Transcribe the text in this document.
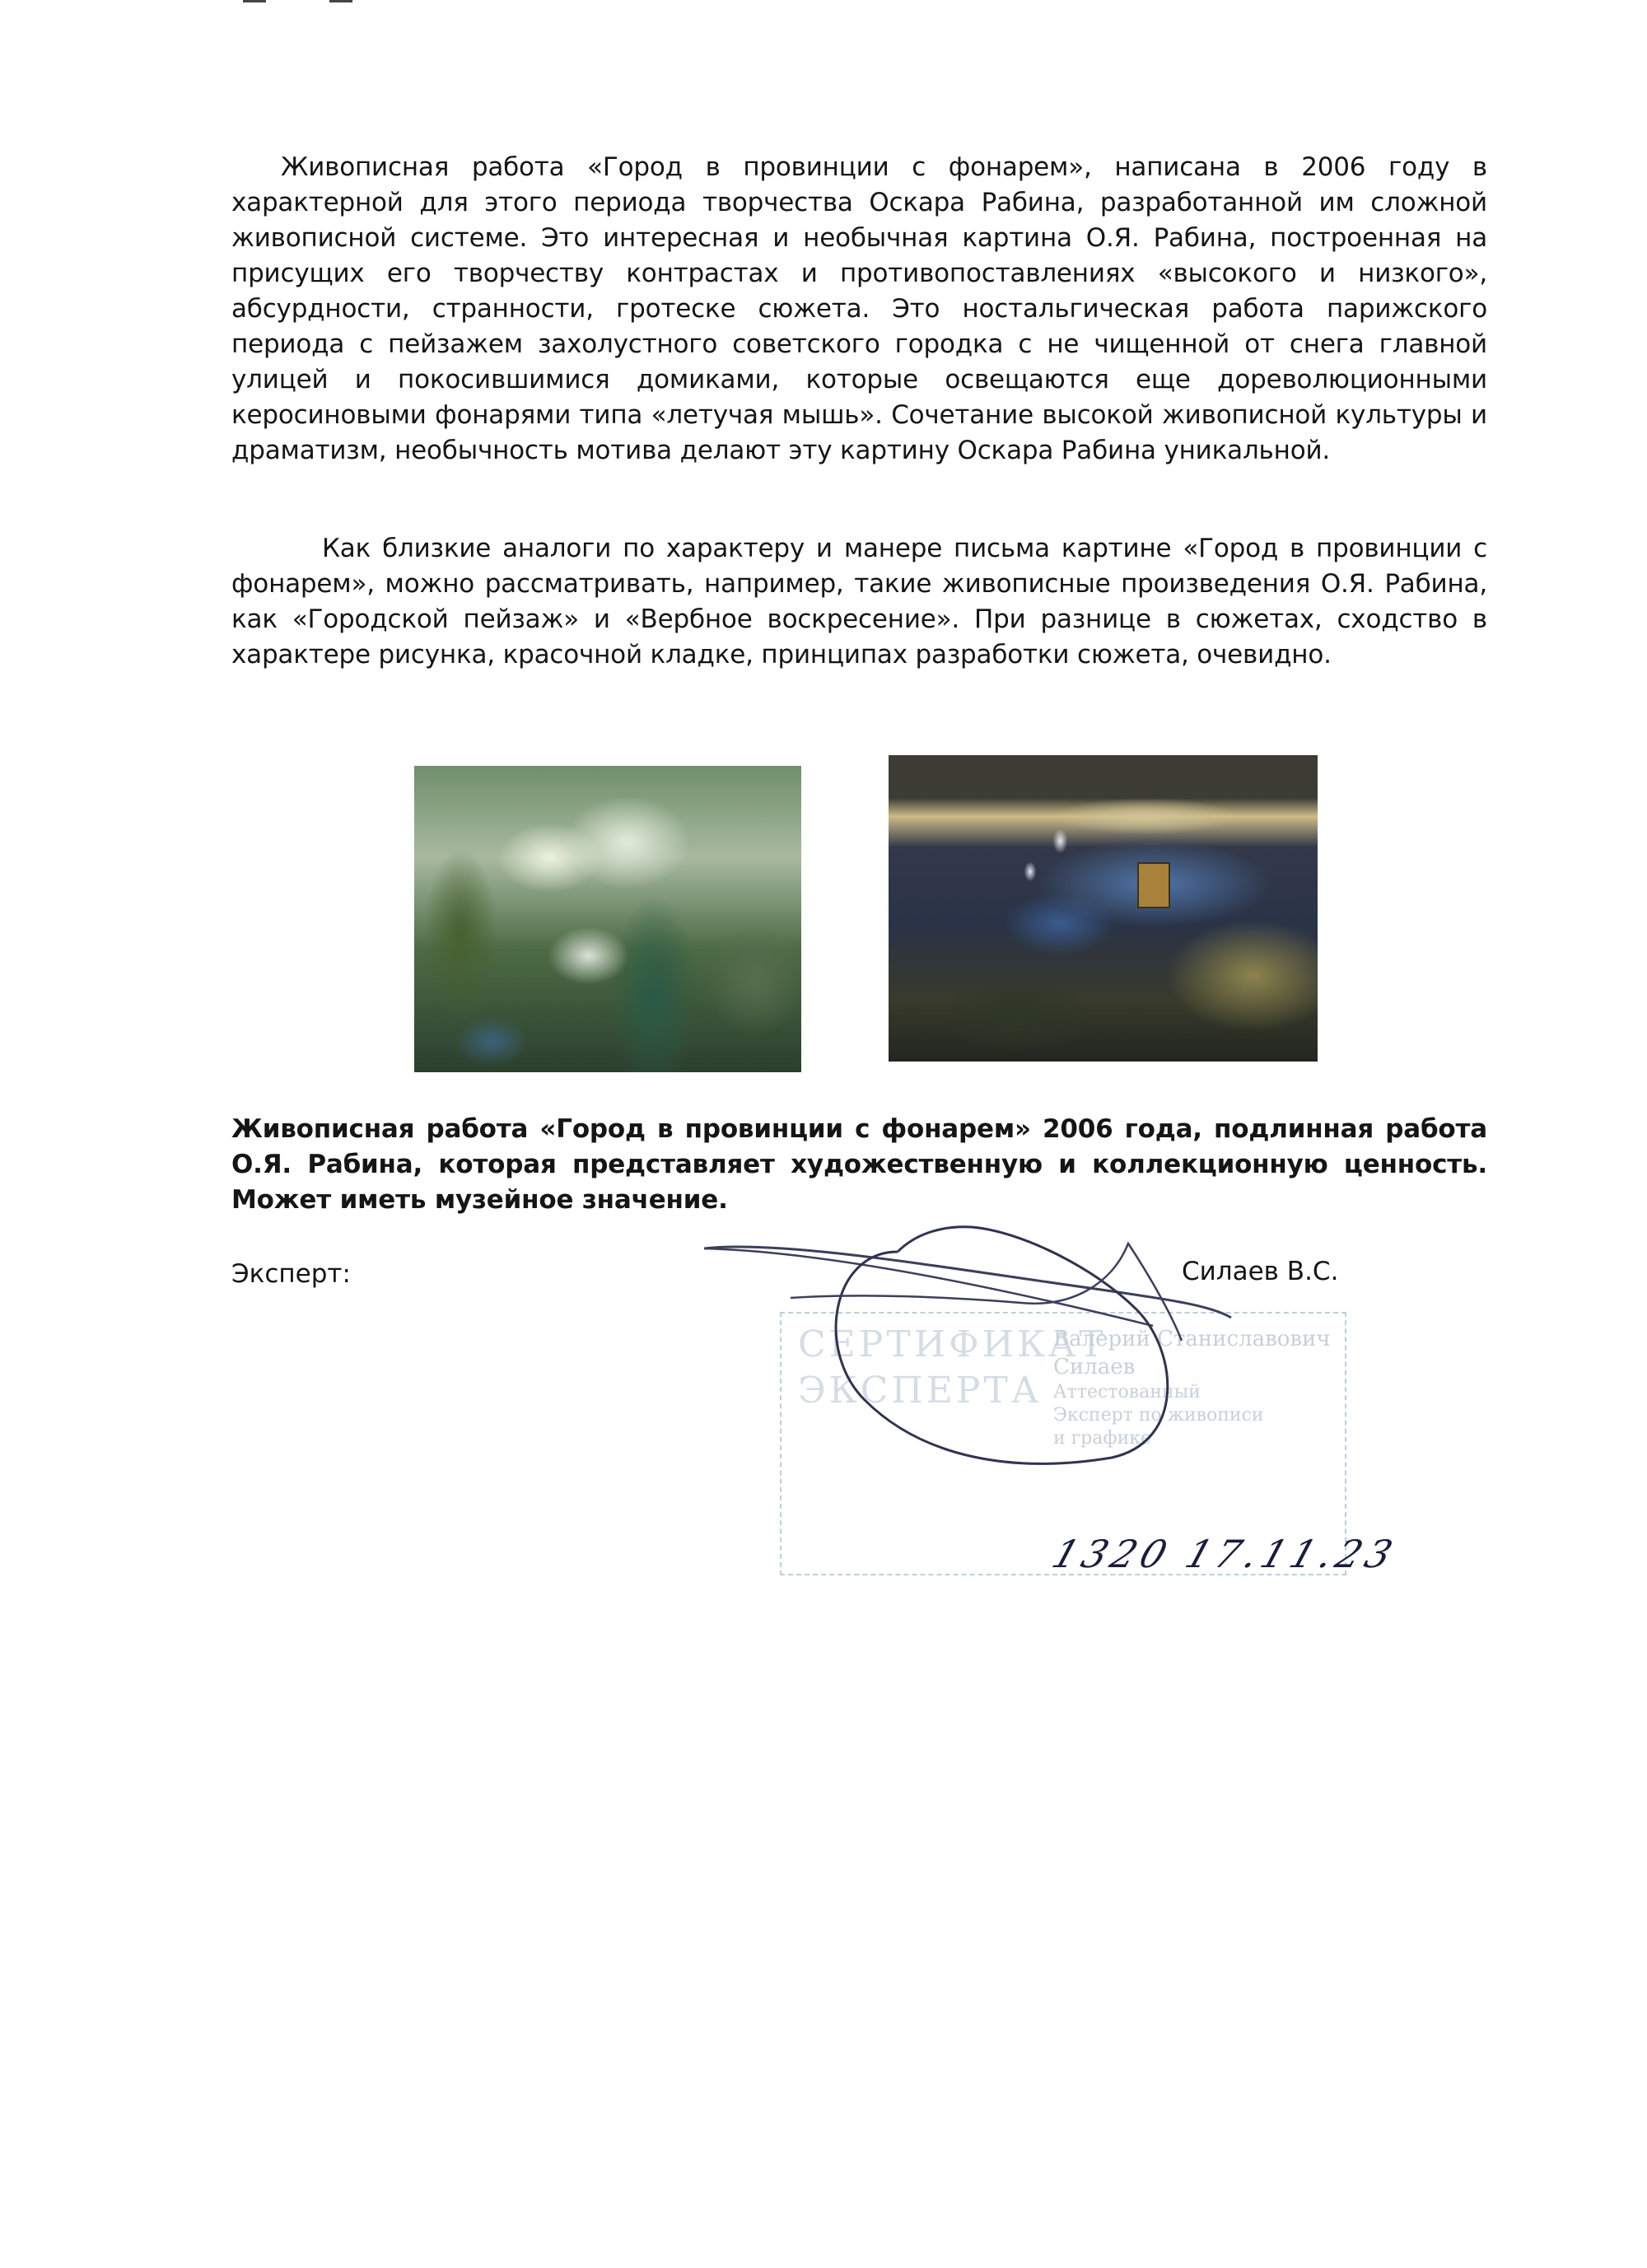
Живописная работа «Город в провинции с фонарем», написана в 2006 году в характерной для этого периода творчества Оскара Рабина, разработанной им сложной живописной системе. Это интересная и необычная картина О.Я. Рабина, построенная на присущих его творчеству контрастах и противопоставлениях «высокого и низкого», абсурдности, странности, гротеске сюжета. Это ностальгическая работа парижского периода с пейзажем захолустного советского городка с не чищенной от снега главной улицей и покосившимися домиками, которые освещаются еще дореволюционными керосиновыми фонарями типа «летучая мышь». Сочетание высокой живописной культуры и драматизм, необычность мотива делают эту картину Оскара Рабина уникальной.
Как близкие аналоги по характеру и манере письма картине «Город в провинции с фонарем», можно рассматривать, например, такие живописные произведения О.Я. Рабина, как «Городской пейзаж» и «Вербное воскресение». При разнице в сюжетах, сходство в характере рисунка, красочной кладке, принципах разработки сюжета, очевидно.
Живописная работа «Город в провинции с фонарем» 2006 года, подлинная работа О.Я. Рабина, которая представляет художественную и коллекционную ценность. Может иметь музейное значение.
Эксперт:	Силаев В.С.
СЕРТИФИКАТ ЭКСПЕРТА
Валерий Станиславович
Силаев
Аттестованный
Эксперт по живописи
и графике
1320 17.11.23
